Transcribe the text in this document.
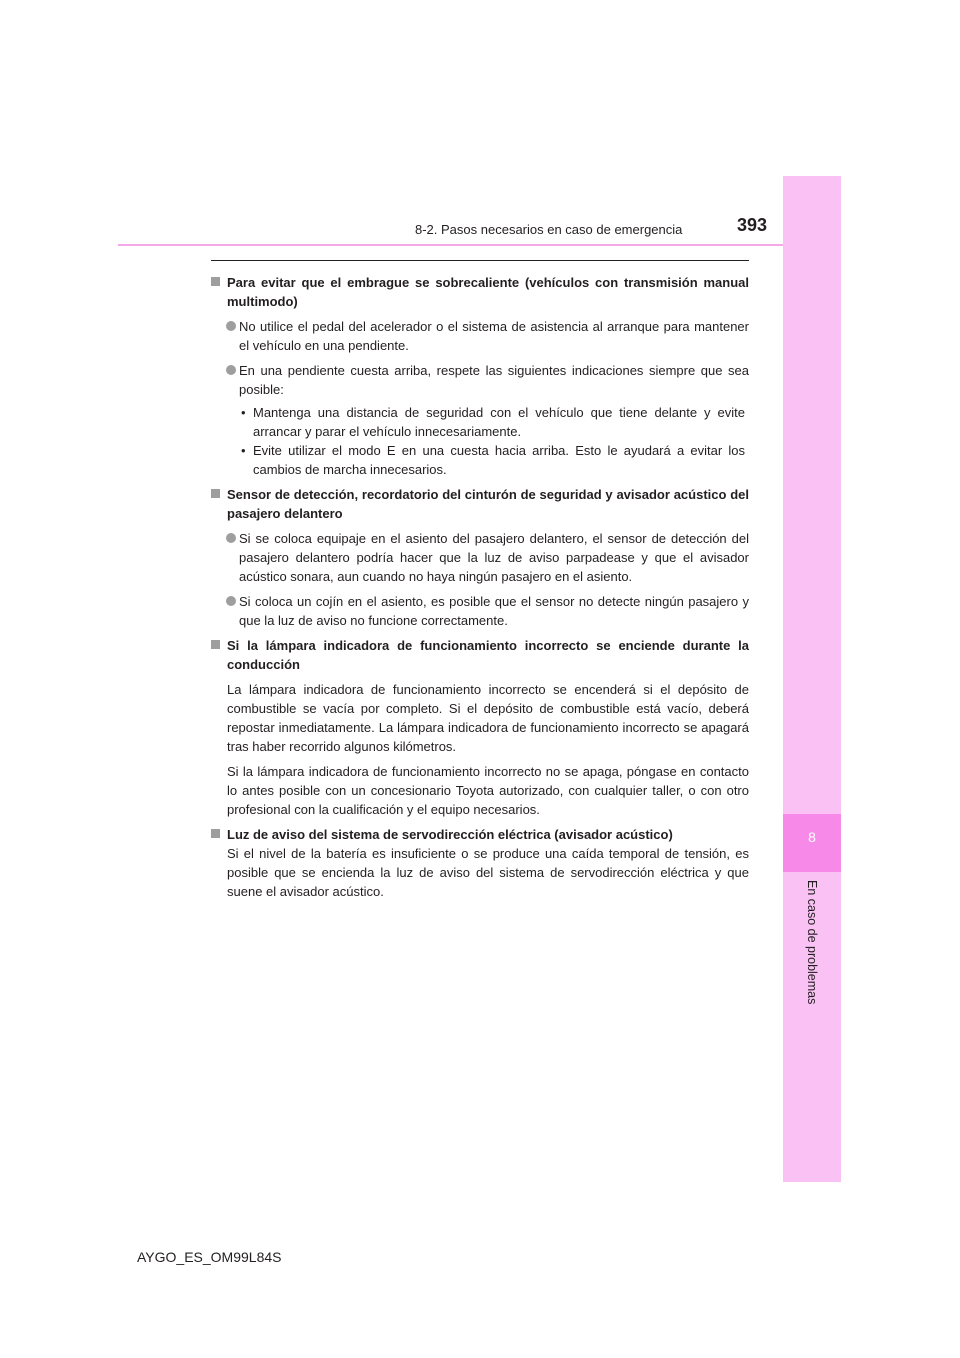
8-2. Pasos necesarios en caso de emergencia	393
8
En caso de problemas

Para evitar que el embrague se sobrecaliente (vehículos con transmisión manual multimodo)

No utilice el pedal del acelerador o el sistema de asistencia al arranque para mantener el vehículo en una pendiente.

En una pendiente cuesta arriba, respete las siguientes indicaciones siempre que sea posible:

• Mantenga una distancia de seguridad con el vehículo que tiene delante y evite arrancar y parar el vehículo innecesariamente.

• Evite utilizar el modo E en una cuesta hacia arriba. Esto le ayudará a evitar los cambios de marcha innecesarios.

Sensor de detección, recordatorio del cinturón de seguridad y avisador acústico del pasajero delantero

Si se coloca equipaje en el asiento del pasajero delantero, el sensor de detección del pasajero delantero podría hacer que la luz de aviso parpadease y que el avisador acústico sonara, aun cuando no haya ningún pasajero en el asiento.

Si coloca un cojín en el asiento, es posible que el sensor no detecte ningún pasajero y que la luz de aviso no funcione correctamente.

Si la lámpara indicadora de funcionamiento incorrecto se enciende durante la conducción

La lámpara indicadora de funcionamiento incorrecto se encenderá si el depósito de combustible se vacía por completo. Si el depósito de combustible está vacío, deberá repostar inmediatamente. La lámpara indicadora de funcionamiento incorrecto se apagará tras haber recorrido algunos kilómetros.

Si la lámpara indicadora de funcionamiento incorrecto no se apaga, póngase en contacto lo antes posible con un concesionario Toyota autorizado, con cualquier taller, o con otro profesional con la cualificación y el equipo necesarios.

Luz de aviso del sistema de servodirección eléctrica (avisador acústico)

Si el nivel de la batería es insuficiente o se produce una caída temporal de tensión, es posible que se encienda la luz de aviso del sistema de servodirección eléctrica y que suene el avisador acústico.

AYGO_ES_OM99L84S
